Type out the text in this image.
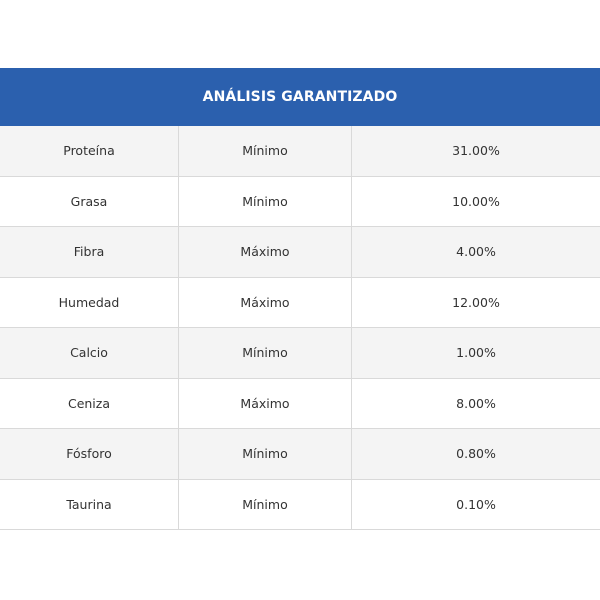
ANÁLISIS GARANTIZADO
Proteína	Mínimo	31.00%
Grasa	Mínimo	10.00%
Fibra	Máximo	4.00%
Humedad	Máximo	12.00%
Calcio	Mínimo	1.00%
Ceniza	Máximo	8.00%
Fósforo	Mínimo	0.80%
Taurina	Mínimo	0.10%
